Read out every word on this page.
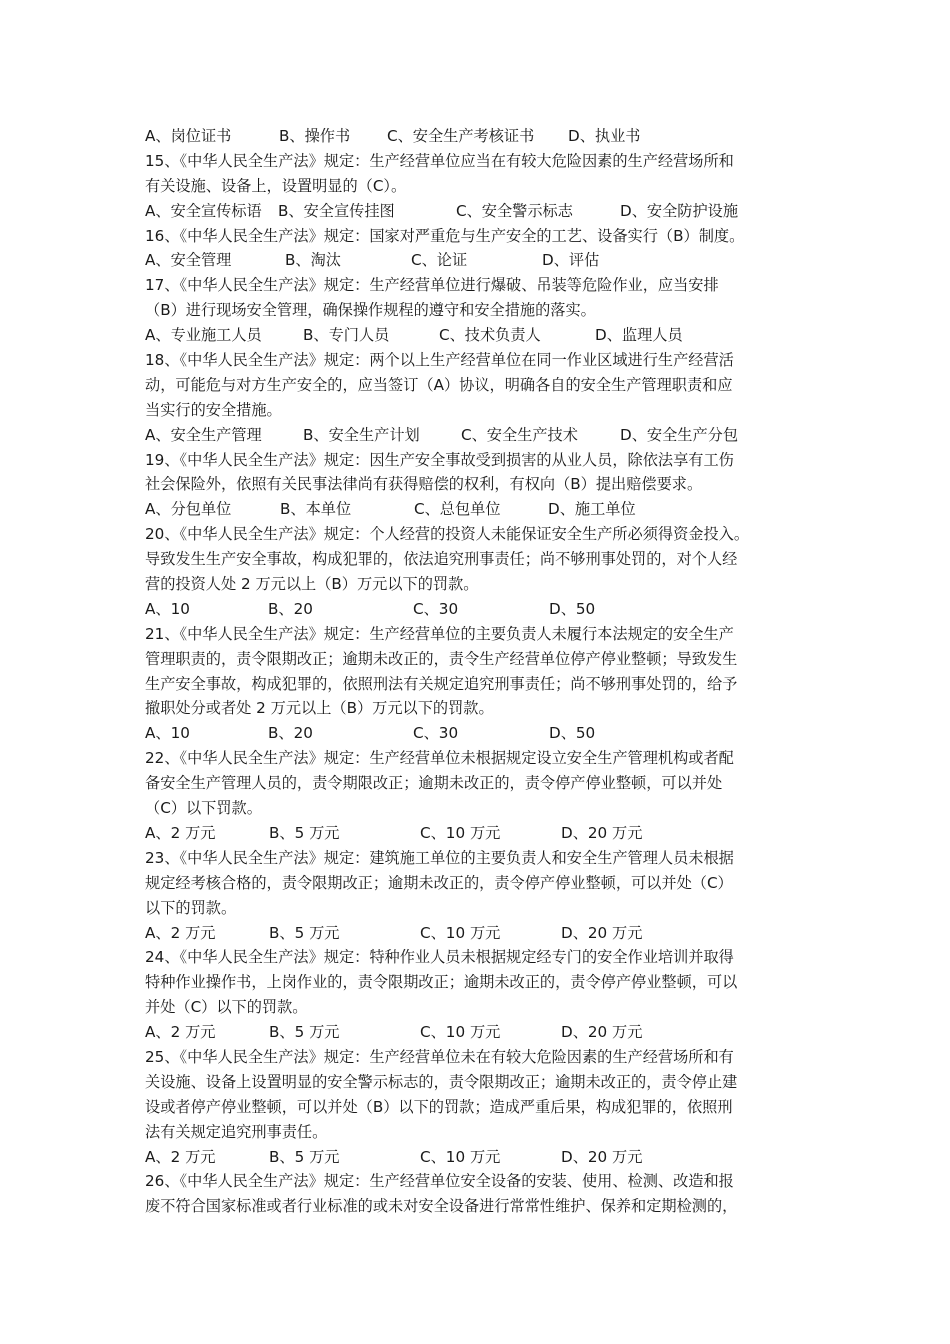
A、岗位证书	B、操作书 C、安全生产考核证书 D、执业书
15、《中华人民全生产法》规定：生产经营单位应当在有较大危险因素的生产经营场所和
有关设施、设备上，设置明显的（C）。
A、安全宣传标语 B、安全宣传挂图	C、安全警示标志	D、安全防护设施
16、《中华人民全生产法》规定：国家对严重危与生产安全的工艺、设备实行（B）制度。
A、安全管理	B、淘汰	C、论证	D、评估
17、《中华人民全生产法》规定：生产经营单位进行爆破、吊装等危险作业，应当安排
（B）进行现场安全管理，确保操作规程的遵守和安全措施的落实。
A、专业施工人员	B、专门人员	C、技术负责人	D、监理人员
18、《中华人民全生产法》规定：两个以上生产经营单位在同一作业区域进行生产经营活
动，可能危与对方生产安全的，应当签订（A）协议，明确各自的安全生产管理职责和应
当实行的安全措施。
A、安全生产管理	B、安全生产计划	C、安全生产技术	D、安全生产分包
19、《中华人民全生产法》规定：因生产安全事故受到损害的从业人员，除依法享有工伤
社会保险外，依照有关民事法律尚有获得赔偿的权利，有权向（B）提出赔偿要求。
A、分包单位	B、本单位	C、总包单位	D、施工单位
20、《中华人民全生产法》规定：个人经营的投资人未能保证安全生产所必须得资金投入。
导致发生生产安全事故，构成犯罪的，依法追究刑事责任；尚不够刑事处罚的，对个人经
营的投资人处 2 万元以上（B）万元以下的罚款。
A、10	B、20	C、30	D、50
21、《中华人民全生产法》规定：生产经营单位的主要负责人未履行本法规定的安全生产
管理职责的，责令限期改正；逾期未改正的，责令生产经营单位停产停业整顿；导致发生
生产安全事故，构成犯罪的，依照刑法有关规定追究刑事责任；尚不够刑事处罚的，给予
撤职处分或者处 2 万元以上（B）万元以下的罚款。
A、10	B、20	C、30	D、50
22、《中华人民全生产法》规定：生产经营单位未根据规定设立安全生产管理机构或者配
备安全生产管理人员的，责令期限改正；逾期未改正的，责令停产停业整顿，可以并处
（C）以下罚款。
A、2 万元	B、5 万元	C、10 万元	D、20 万元
23、《中华人民全生产法》规定：建筑施工单位的主要负责人和安全生产管理人员未根据
规定经考核合格的，责令限期改正；逾期未改正的，责令停产停业整顿，可以并处（C）
以下的罚款。
A、2 万元	B、5 万元	C、10 万元	D、20 万元
24、《中华人民全生产法》规定：特种作业人员未根据规定经专门的安全作业培训并取得
特种作业操作书，上岗作业的，责令限期改正；逾期未改正的，责令停产停业整顿，可以
并处（C）以下的罚款。
A、2 万元	B、5 万元	C、10 万元	D、20 万元
25、《中华人民全生产法》规定：生产经营单位未在有较大危险因素的生产经营场所和有
关设施、设备上设置明显的安全警示标志的，责令限期改正；逾期未改正的，责令停止建
设或者停产停业整顿，可以并处（B）以下的罚款；造成严重后果，构成犯罪的，依照刑
法有关规定追究刑事责任。
A、2 万元	B、5 万元	C、10 万元	D、20 万元
26、《中华人民全生产法》规定：生产经营单位安全设备的安装、使用、检测、改造和报
废不符合国家标准或者行业标准的或未对安全设备进行常常性维护、保养和定期检测的，
